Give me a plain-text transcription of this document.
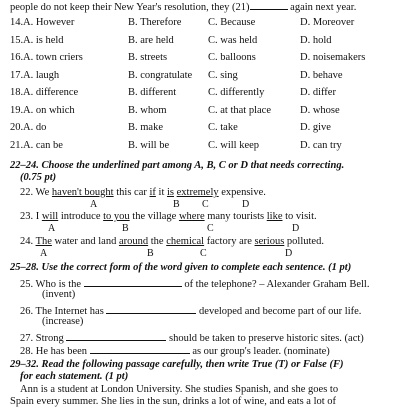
people do not keep their New Year's resolution, they (21)	again next year.
14. A. However	B. Therefore	C. Because	D. Moreover
15. A. is held	B. are held	C. was held	D. hold
16. A. town criers	B. streets	C. balloons	D. noisemakers
17. A. laugh	B. congratulate C. sing	D. behave
18. A. difference	B. different	C. differently	D. differ
19. A. on which	B. whom	C. at that place	D. whose
20. A. do	B. make	C. take	D. give
21. A. can be	B. will be	C. will keep	D. can try
22–24. Choose the underlined part among A, B, C or D that needs correcting.
(0.75 pt)
22. We haven't bought this car if it is extremely expensive.
A	B C	D
23. I will introduce to you the village where many tourists like to visit.
A	B	C	D
24. The water and land around the chemical factory are serious polluted.
A	B	C	D
25–28. Use the correct form of the word given to complete each sentence. (1 pt)
25. Who is the	of the telephone? – Alexander Graham Bell.
(invent)
26. The Internet has	developed and become part of our life.
(increase)
27. Strong	should be taken to preserve historic sites. (act)
28. He has been	as our group's leader. (nominate)
29–32. Read the following passage carefully, then write True (T) or False (F)
for each statement. (1 pt)
Ann is a student at London University. She studies Spanish, and she goes to
Spain every summer. She lies in the sun, drinks a lot of wine, and eats a lot of
